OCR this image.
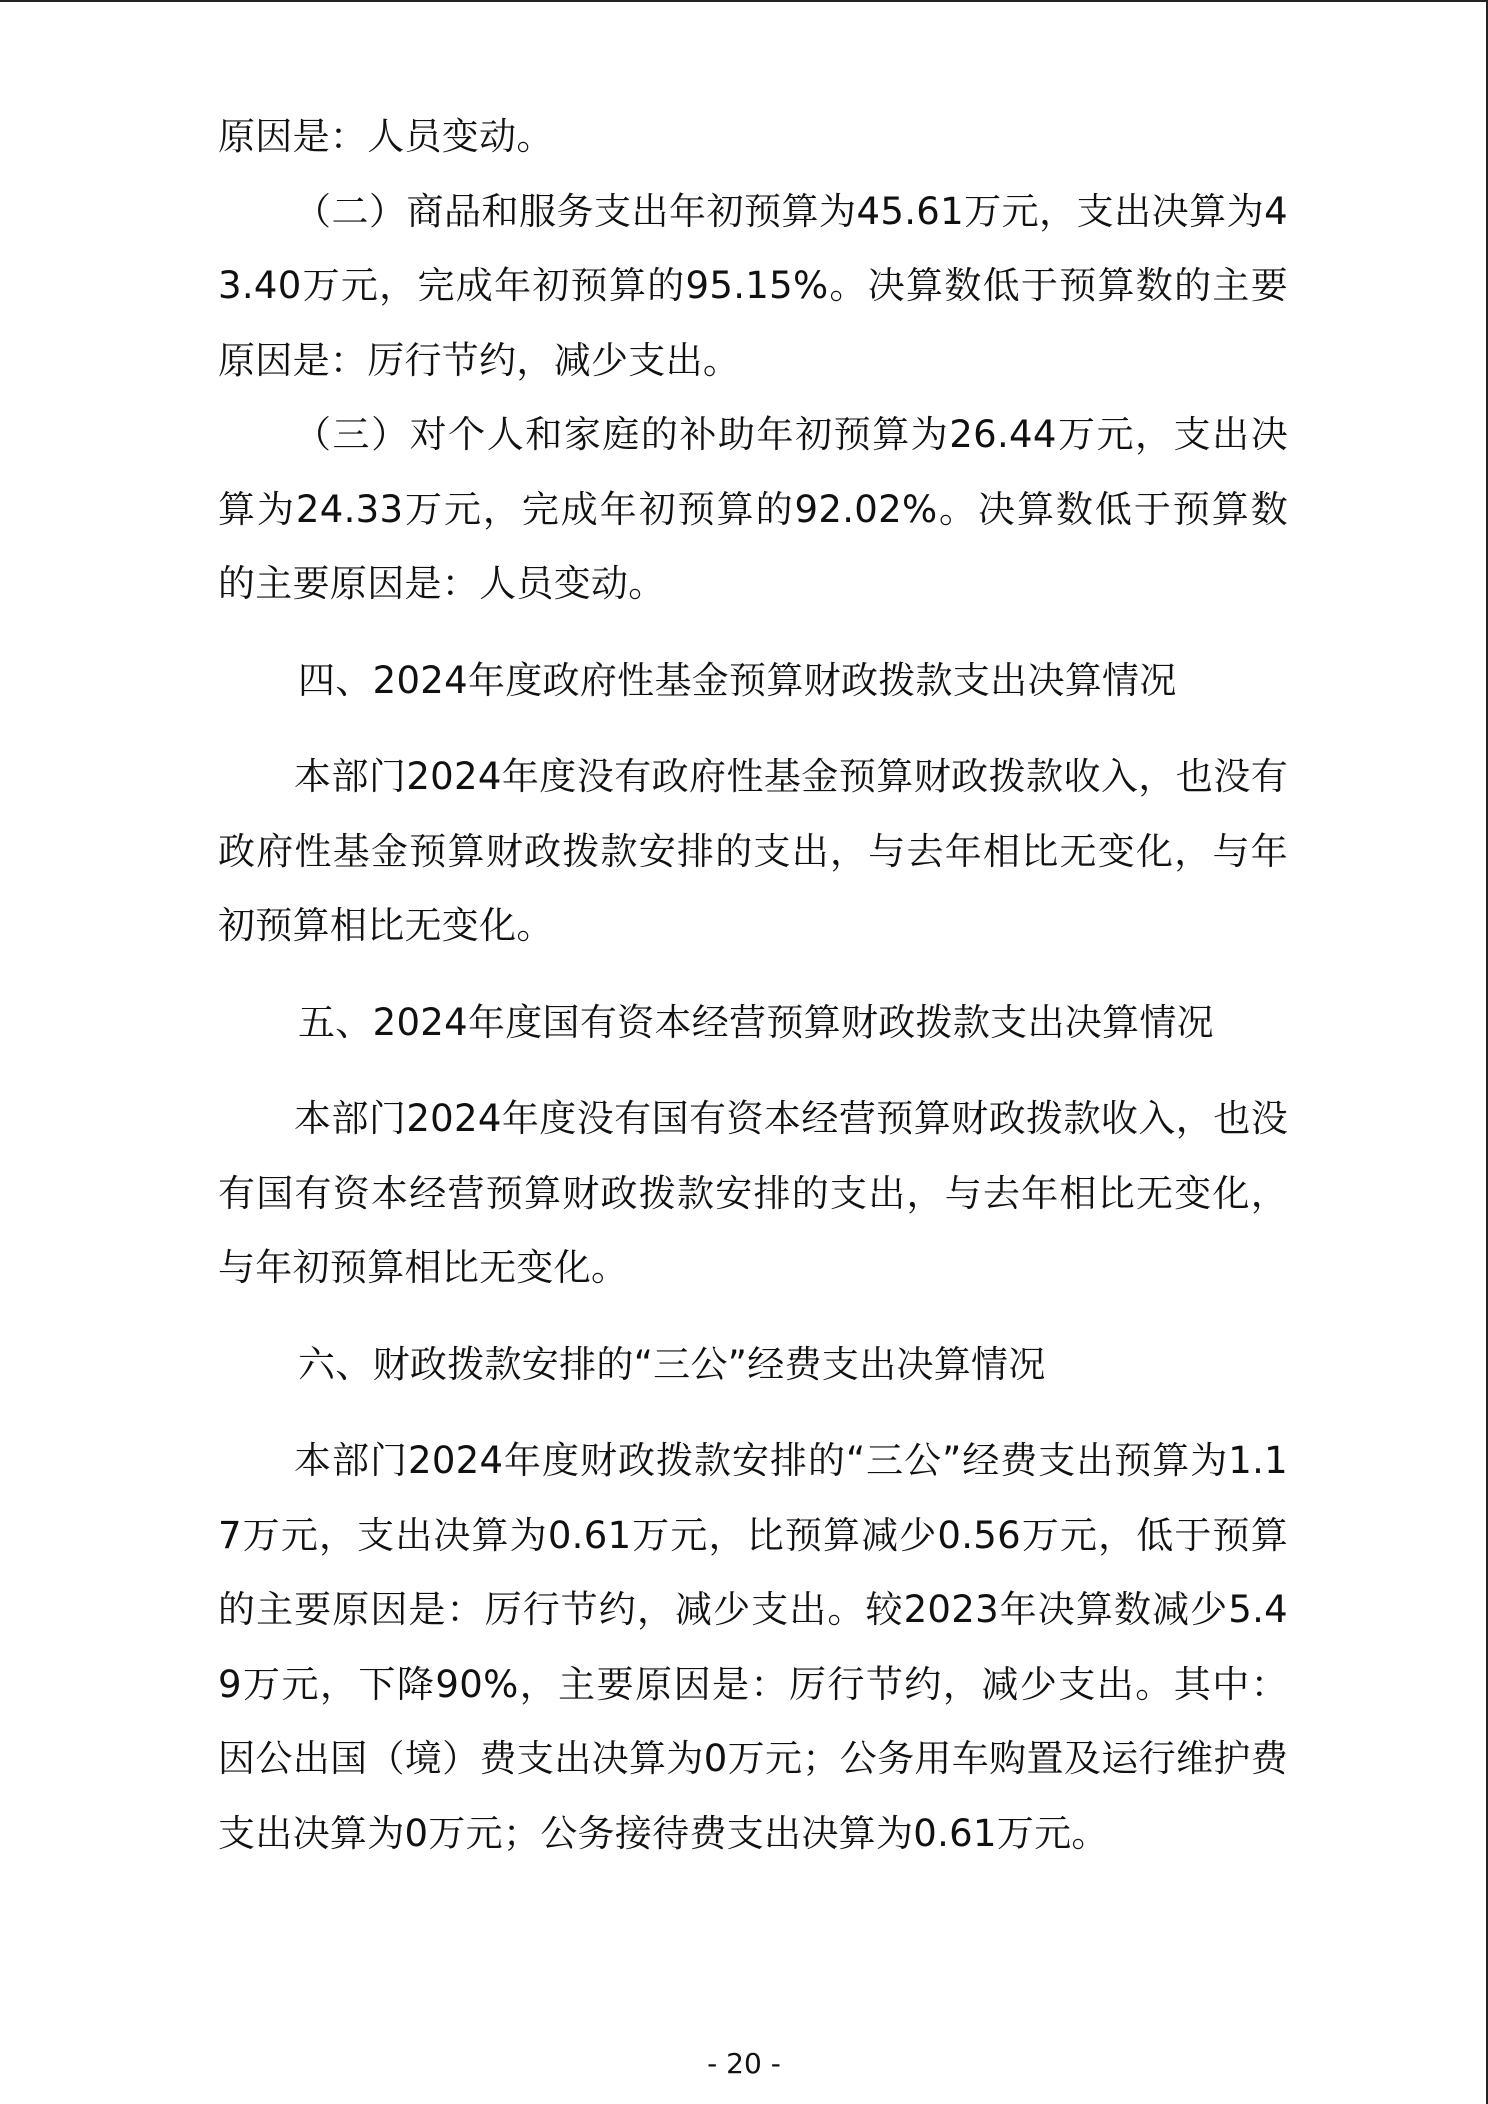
原因是：人员变动。

（二）商品和服务支出年初预算为45.61万元，支出决算为43.40万元，完成年初预算的95.15%。决算数低于预算数的主要原因是：厉行节约，减少支出。

（三）对个人和家庭的补助年初预算为26.44万元，支出决算为24.33万元，完成年初预算的92.02%。决算数低于预算数的主要原因是：人员变动。

四、2024年度政府性基金预算财政拨款支出决算情况

本部门2024年度没有政府性基金预算财政拨款收入，也没有政府性基金预算财政拨款安排的支出，与去年相比无变化，与年初预算相比无变化。

五、2024年度国有资本经营预算财政拨款支出决算情况

本部门2024年度没有国有资本经营预算财政拨款收入，也没有国有资本经营预算财政拨款安排的支出，与去年相比无变化，与年初预算相比无变化。

六、财政拨款安排的“三公”经费支出决算情况

本部门2024年度财政拨款安排的“三公”经费支出预算为1.17万元，支出决算为0.61万元，比预算减少0.56万元，低于预算的主要原因是：厉行节约，减少支出。较2023年决算数减少5.49万元，下降90%，主要原因是：厉行节约，减少支出。其中：因公出国（境）费支出决算为0万元；公务用车购置及运行维护费支出决算为0万元；公务接待费支出决算为0.61万元。

- 20 -
